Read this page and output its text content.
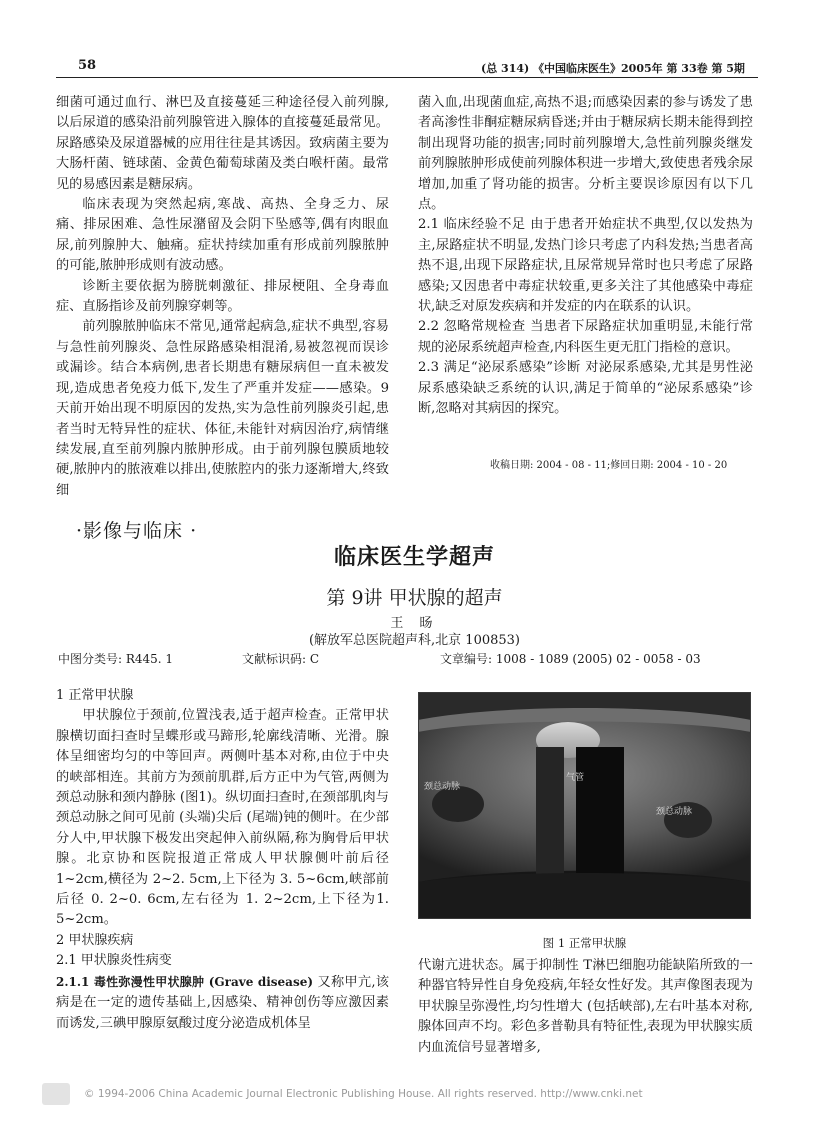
58	(总 314) 《中国临床医生》2005年 第 33卷 第 5期

细菌可通过血行、淋巴及直接蔓延三种途径侵入前列腺,以后尿道的感染沿前列腺管进入腺体的直接蔓延最常见。尿路感染及尿道器械的应用往往是其诱因。致病菌主要为大肠杆菌、链球菌、金黄色葡萄球菌及类白喉杆菌。最常见的易感因素是糖尿病。

临床表现为突然起病,寒战、高热、全身乏力、尿痛、排尿困难、急性尿潴留及会阴下坠感等,偶有肉眼血尿,前列腺肿大、触痛。症状持续加重有形成前列腺脓肿的可能,脓肿形成则有波动感。

诊断主要依据为膀胱刺激征、排尿梗阻、全身毒血症、直肠指诊及前列腺穿刺等。

前列腺脓肿临床不常见,通常起病急,症状不典型,容易与急性前列腺炎、急性尿路感染相混淆,易被忽视而误诊或漏诊。结合本病例,患者长期患有糖尿病但一直未被发现,造成患者免疫力低下,发生了严重并发症——感染。9天前开始出现不明原因的发热,实为急性前列腺炎引起,患者当时无特异性的症状、体征,未能针对病因治疗,病情继续发展,直至前列腺内脓肿形成。由于前列腺包膜质地较硬,脓肿内的脓液难以排出,使脓腔内的张力逐渐增大,终致细

菌入血,出现菌血症,高热不退;而感染因素的参与诱发了患者高渗性非酮症糖尿病昏迷;并由于糖尿病长期未能得到控制出现肾功能的损害;同时前列腺增大,急性前列腺炎继发前列腺脓肿形成使前列腺体积进一步增大,致使患者残余尿增加,加重了肾功能的损害。分析主要误诊原因有以下几点。

2.1 临床经验不足 由于患者开始症状不典型,仅以发热为主,尿路症状不明显,发热门诊只考虑了内科发热;当患者高热不退,出现下尿路症状,且尿常规异常时也只考虑了尿路感染;又因患者中毒症状较重,更多关注了其他感染中毒症状,缺乏对原发疾病和并发症的内在联系的认识。

2.2 忽略常规检查 当患者下尿路症状加重明显,未能行常规的泌尿系统超声检查,内科医生更无肛门指检的意识。

2.3 满足“泌尿系感染”诊断 对泌尿系感染,尤其是男性泌尿系感染缺乏系统的认识,满足于简单的“泌尿系感染”诊断,忽略对其病因的探究。

收稿日期: 2004 - 08 - 11;修回日期: 2004 - 10 - 20
·影像与临床 ·
临床医生学超声
第 9讲 甲状腺的超声
王 旸
(解放军总医院超声科,北京 100853)
中图分类号: R445. 1	文献标识码: C	文章编号: 1008 - 1089 (2005) 02 - 0058 - 03

1 正常甲状腺

甲状腺位于颈前,位置浅表,适于超声检查。正常甲状腺横切面扫查时呈蝶形或马蹄形,轮廓线清晰、光滑。腺体呈细密均匀的中等回声。两侧叶基本对称,由位于中央的峡部相连。其前方为颈前肌群,后方正中为气管,两侧为颈总动脉和颈内静脉 (图1)。纵切面扫查时,在颈部肌肉与颈总动脉之间可见前 (头端)尖后 (尾端)钝的侧叶。在少部分人中,甲状腺下极发出突起伸入前纵隔,称为胸骨后甲状腺。北京协和医院报道正常成人甲状腺侧叶前后径1~2cm,横径为 2~2. 5cm,上下径为 3. 5~6cm,峡部前后径 0. 2~0. 6cm,左右径为 1. 2~2cm,上下径为1. 5~2cm。

2 甲状腺疾病

2.1 甲状腺炎性病变

2.1.1 毒性弥漫性甲状腺肿 (Grave disease) 又称甲亢,该病是在一定的遗传基础上,因感染、精神创伤等应激因素而诱发,三碘甲腺原氨酸过度分泌造成机体呈

气管
颈总动脉
颈总动脉
图 1 正常甲状腺

代谢亢进状态。属于抑制性 T淋巴细胞功能缺陷所致的一种器官特异性自身免疫病,年轻女性好发。其声像图表现为甲状腺呈弥漫性,均匀性增大 (包括峡部),左右叶基本对称,腺体回声不均。彩色多普勒具有特征性,表现为甲状腺实质内血流信号显著增多,

© 1994-2006 China Academic Journal Electronic Publishing House. All rights reserved. http://www.cnki.net
